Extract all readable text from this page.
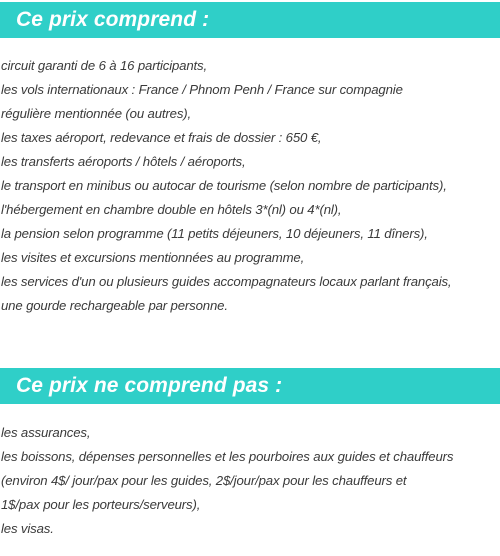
Ce prix comprend :
circuit garanti de 6 à 16 participants,
les vols internationaux : France / Phnom Penh / France sur compagnie
régulière mentionnée (ou autres),
les taxes aéroport, redevance et frais de dossier : 650 €,
les transferts aéroports / hôtels / aéroports,
le transport en minibus ou autocar de tourisme (selon nombre de participants),
l'hébergement en chambre double en hôtels 3*(nl) ou 4*(nl),
la pension selon programme (11 petits déjeuners, 10 déjeuners, 11 dîners),
les visites et excursions mentionnées au programme,
les services d'un ou plusieurs guides accompagnateurs locaux parlant français,
une gourde rechargeable par personne.
Ce prix ne comprend pas :
les assurances,
les boissons, dépenses personnelles et les pourboires aux guides et chauffeurs
(environ 4$/ jour/pax pour les guides, 2$/jour/pax pour les chauffeurs et
1$/pax pour les porteurs/serveurs),
les visas.
